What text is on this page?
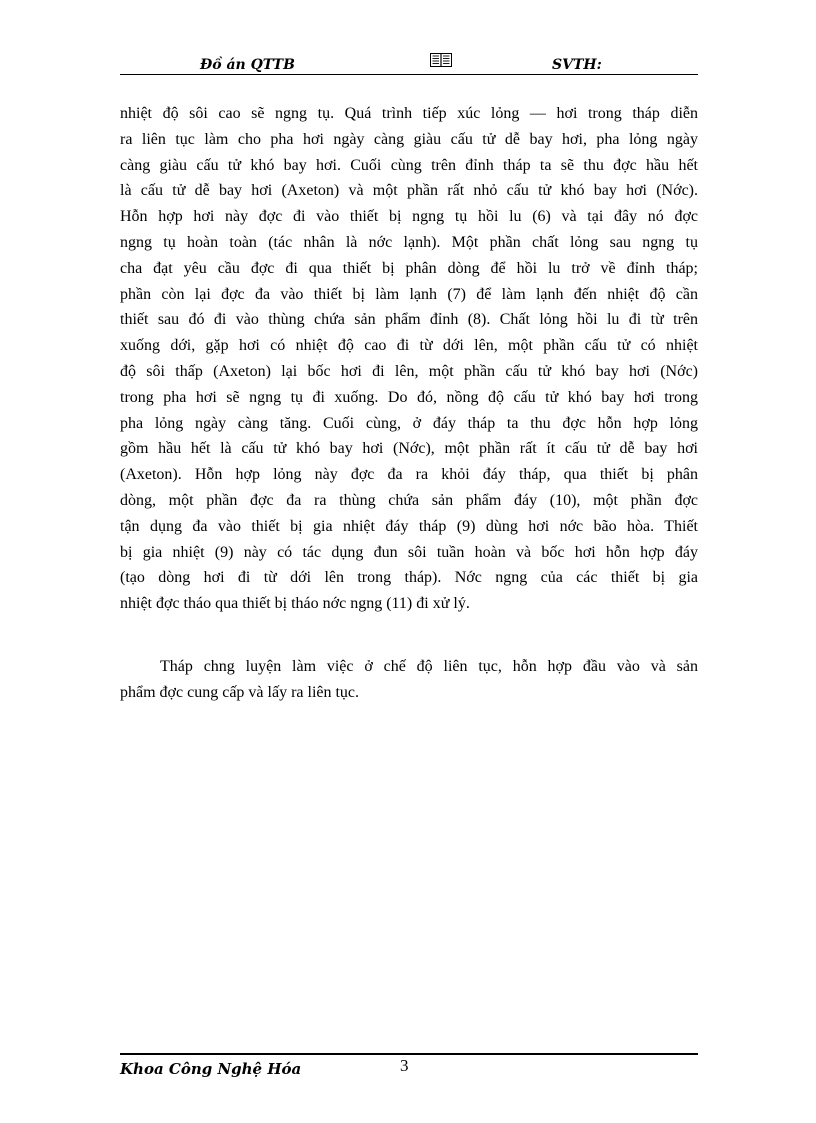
Đồ án QTTB	SVTH:
nhiệt độ sôi cao sẽ ngng tụ. Quá trình tiếp xúc lỏng — hơi trong tháp diễn
ra liên tục làm cho pha hơi ngày càng giàu cấu tử dễ bay hơi, pha lỏng ngày
càng giàu cấu tử khó bay hơi. Cuối cùng trên đỉnh tháp ta sẽ thu đợc hầu hết
là cấu tử dễ bay hơi (Axeton) và một phần rất nhỏ cấu tử khó bay hơi (Nớc).
Hỗn hợp hơi này đợc đi vào thiết bị ngng tụ hồi lu (6) và tại đây nó đợc
ngng tụ hoàn toàn (tác nhân là nớc lạnh). Một phần chất lỏng sau ngng tụ
cha đạt yêu cầu đợc đi qua thiết bị phân dòng để hồi lu trở về đỉnh tháp;
phần còn lại đợc đa vào thiết bị làm lạnh (7) để làm lạnh đến nhiệt độ cần
thiết sau đó đi vào thùng chứa sản phẩm đỉnh (8). Chất lỏng hồi lu đi từ trên
xuống dới, gặp hơi có nhiệt độ cao đi từ dới lên, một phần cấu tử có nhiệt
độ sôi thấp (Axeton) lại bốc hơi đi lên, một phần cấu tử khó bay hơi (Nớc)
trong pha hơi sẽ ngng tụ đi xuống. Do đó, nồng độ cấu tử khó bay hơi trong
pha lỏng ngày càng tăng. Cuối cùng, ở đáy tháp ta thu đợc hỗn hợp lỏng
gồm hầu hết là cấu tử khó bay hơi (Nớc), một phần rất ít cấu tử dễ bay hơi
(Axeton). Hỗn hợp lỏng này đợc đa ra khỏi đáy tháp, qua thiết bị phân
dòng, một phần đợc đa ra thùng chứa sản phẩm đáy (10), một phần đợc
tận dụng đa vào thiết bị gia nhiệt đáy tháp (9) dùng hơi nớc bão hòa. Thiết
bị gia nhiệt (9) này có tác dụng đun sôi tuần hoàn và bốc hơi hỗn hợp đáy
(tạo dòng hơi đi từ dới lên trong tháp). Nớc ngng của các thiết bị gia
nhiệt đợc tháo qua thiết bị tháo nớc ngng (11) đi xử lý.
Tháp chng luyện làm việc ở chế độ liên tục, hỗn hợp đầu vào và sản
phẩm đợc cung cấp và lấy ra liên tục.
Khoa Công Nghệ Hóa	3
